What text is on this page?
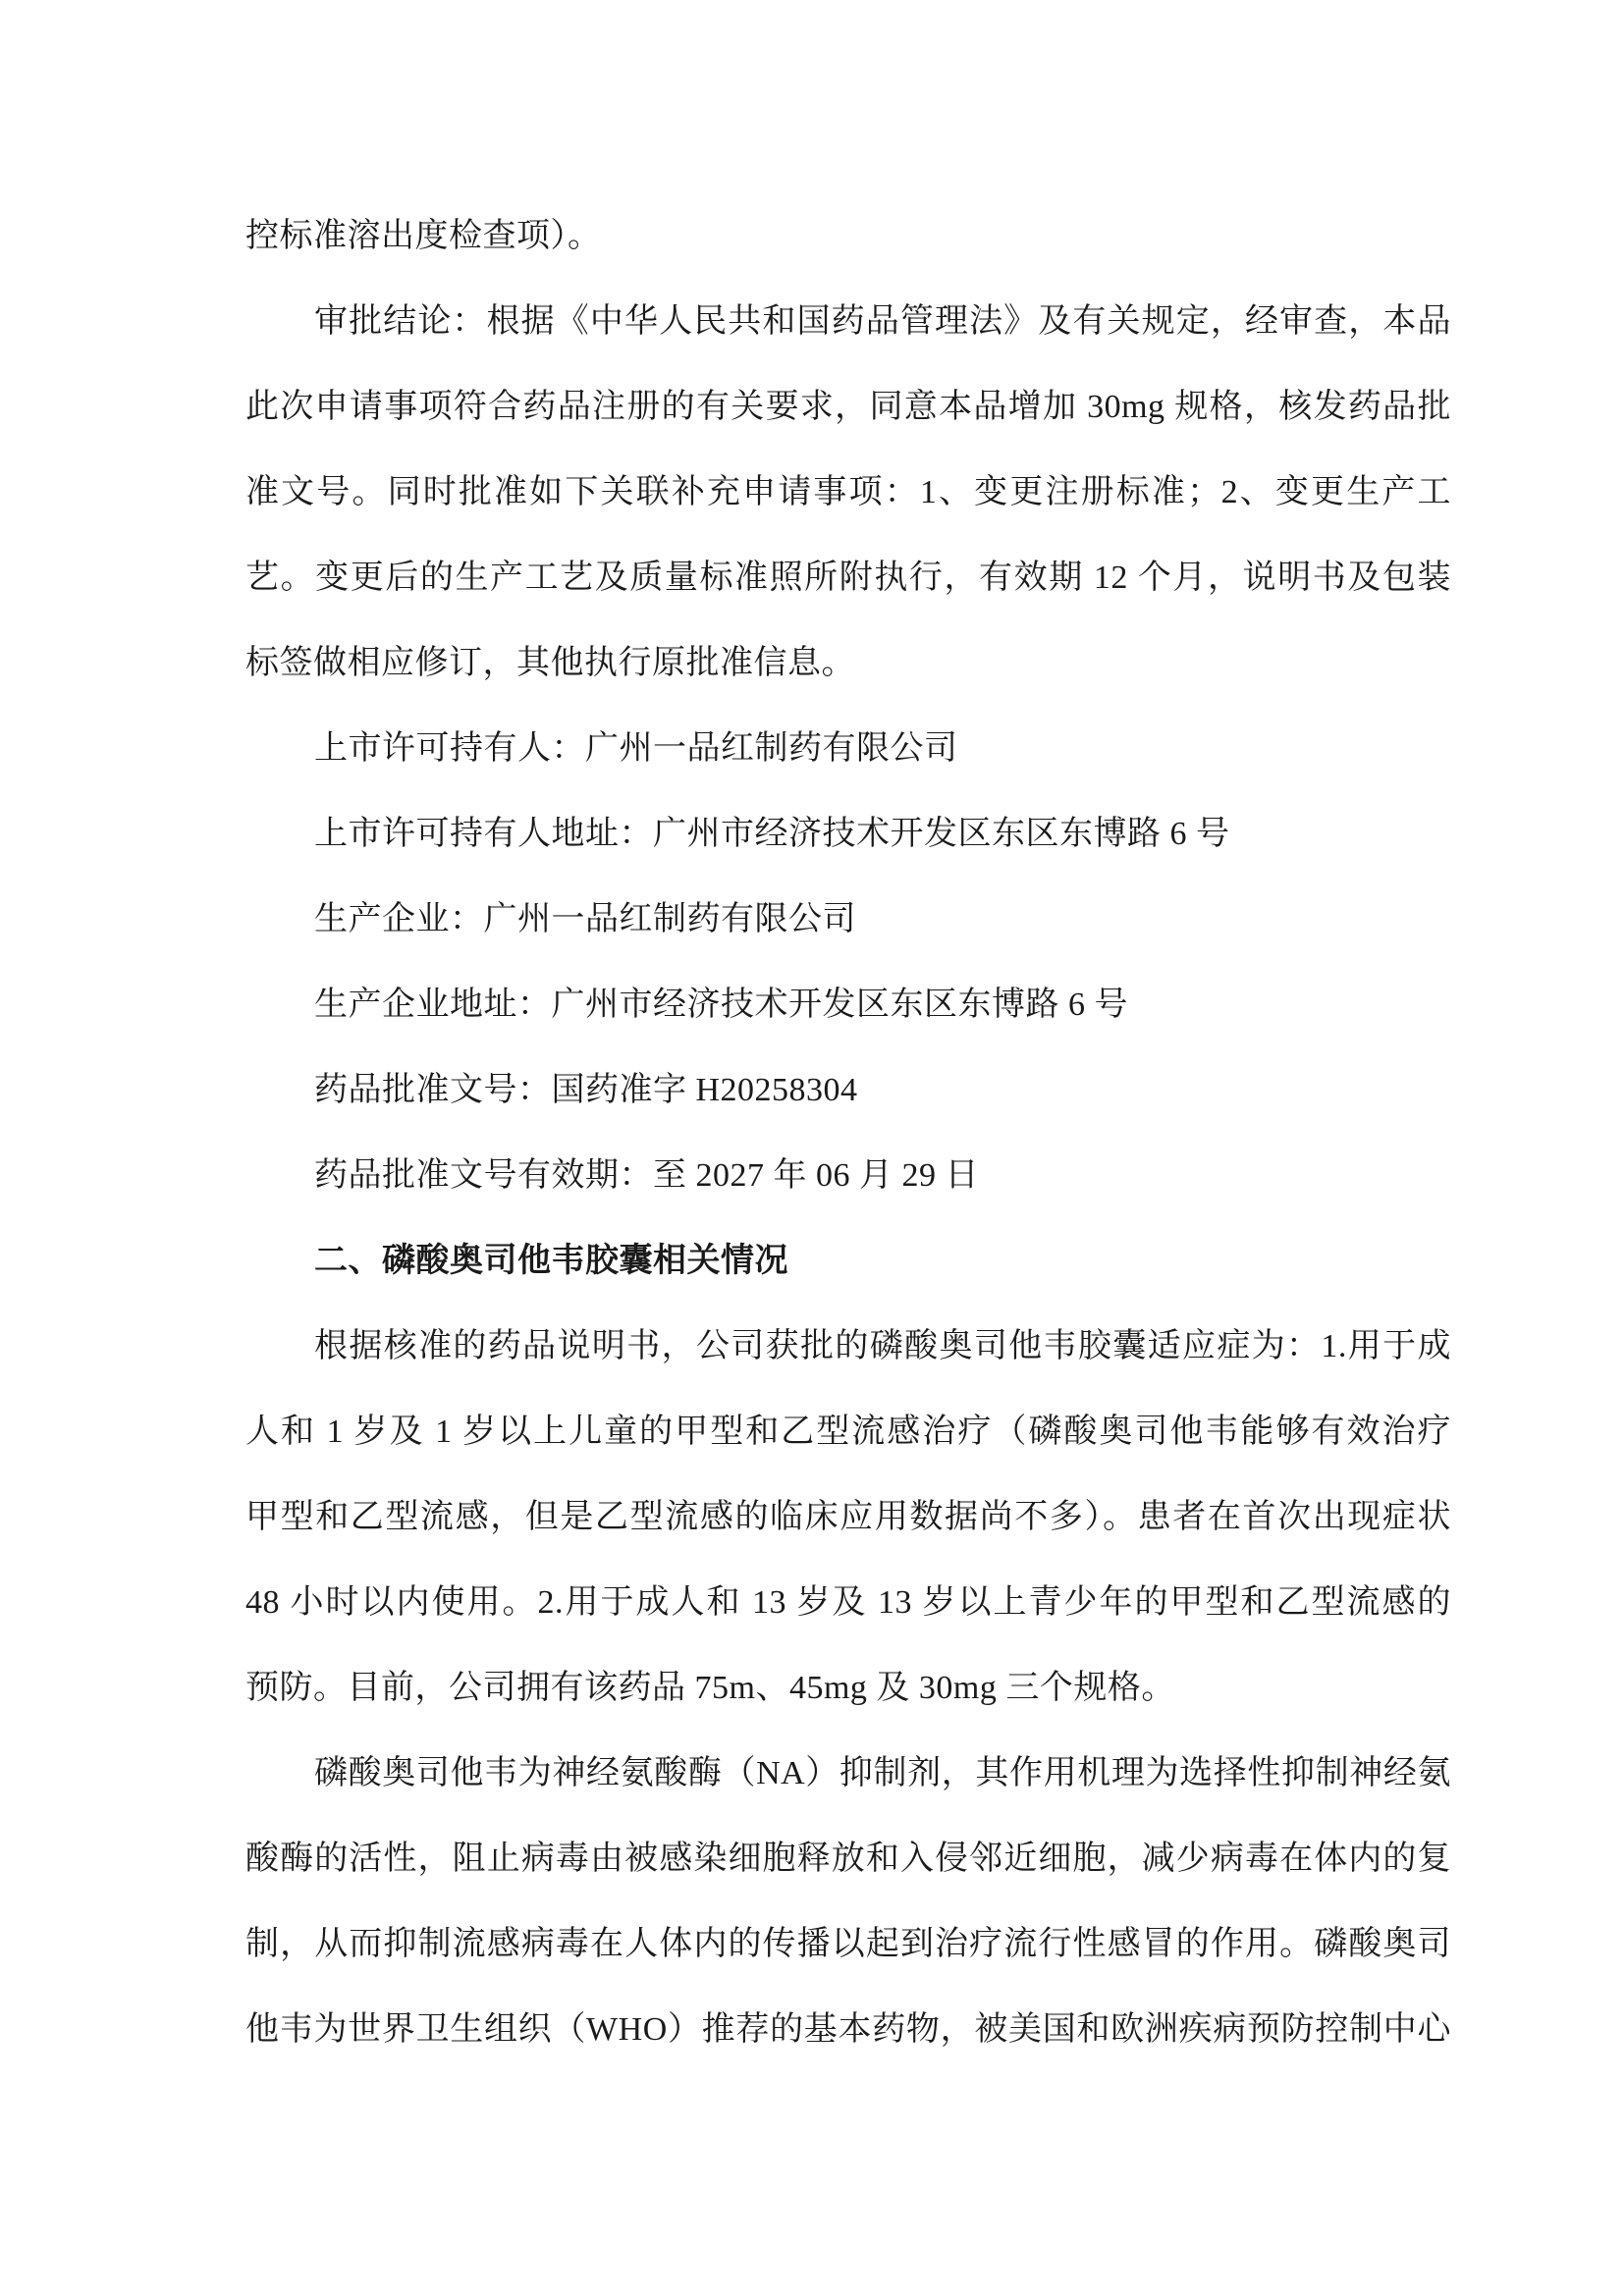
控标准溶出度检查项）。
审批结论：根据《中华人民共和国药品管理法》及有关规定，经审查，本品
此次申请事项符合药品注册的有关要求，同意本品增加 30mg 规格，核发药品批
准文号。同时批准如下关联补充申请事项：1、变更注册标准；2、变更生产工
艺。变更后的生产工艺及质量标准照所附执行，有效期 12 个月，说明书及包装
标签做相应修订，其他执行原批准信息。
上市许可持有人：广州一品红制药有限公司
上市许可持有人地址：广州市经济技术开发区东区东博路 6 号
生产企业：广州一品红制药有限公司
生产企业地址：广州市经济技术开发区东区东博路 6 号
药品批准文号：国药准字 H20258304
药品批准文号有效期：至 2027 年 06 月 29 日
二、磷酸奥司他韦胶囊相关情况
根据核准的药品说明书，公司获批的磷酸奥司他韦胶囊适应症为：1.用于成
人和 1 岁及 1 岁以上儿童的甲型和乙型流感治疗（磷酸奥司他韦能够有效治疗
甲型和乙型流感，但是乙型流感的临床应用数据尚不多）。患者在首次出现症状
48 小时以内使用。2.用于成人和 13 岁及 13 岁以上青少年的甲型和乙型流感的
预防。目前，公司拥有该药品 75m、45mg 及 30mg 三个规格。
磷酸奥司他韦为神经氨酸酶（NA）抑制剂，其作用机理为选择性抑制神经氨
酸酶的活性，阻止病毒由被感染细胞释放和入侵邻近细胞，减少病毒在体内的复
制，从而抑制流感病毒在人体内的传播以起到治疗流行性感冒的作用。磷酸奥司
他韦为世界卫生组织（WHO）推荐的基本药物，被美国和欧洲疾病预防控制中心
